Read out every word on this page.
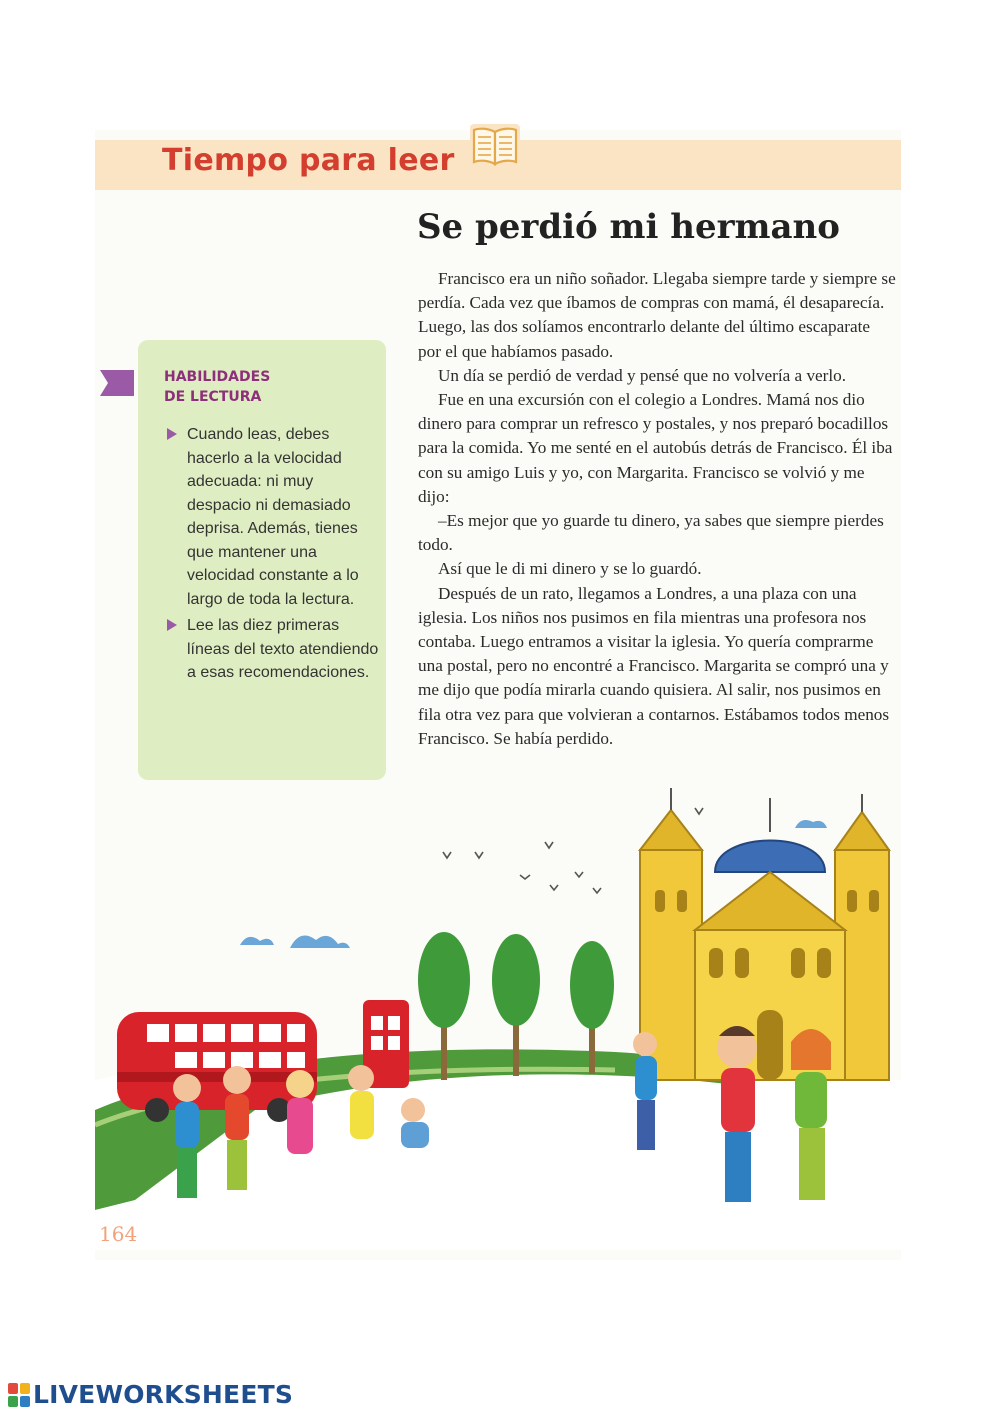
Tiempo para leer
Se perdió mi hermano

Francisco era un niño soñador. Llegaba siempre tarde y siempre se perdía. Cada vez que íbamos de compras con mamá, él desaparecía. Luego, las dos solíamos encontrarlo delante del último escaparate por el que habíamos pasado.

Un día se perdió de verdad y pensé que no volvería a verlo.

Fue en una excursión con el colegio a Londres. Mamá nos dio dinero para comprar un refresco y postales, y nos preparó bocadillos para la comida. Yo me senté en el autobús detrás de Francisco. Él iba con su amigo Luis y yo, con Margarita. Francisco se volvió y me dijo:

–Es mejor que yo guarde tu dinero, ya sabes que siempre pierdes todo.

Así que le di mi dinero y se lo guardó.

Después de un rato, llegamos a Londres, a una plaza con una iglesia. Los niños nos pusimos en fila mientras una profesora nos contaba. Luego entramos a visitar la iglesia. Yo quería comprarme una postal, pero no encontré a Francisco. Margarita se compró una y me dijo que podía mirarla cuando quisiera. Al salir, nos pusimos en fila otra vez para que volvieran a contarnos. Estábamos todos menos Francisco. Se había perdido.

HABILIDADES
DE LECTURA
Cuando leas, debes hacerlo a la velocidad adecuada: ni muy despacio ni demasiado deprisa. Además, tienes que mantener una velocidad constante a lo largo de toda la lectura.
Lee las diez primeras líneas del texto atendiendo a esas recomendaciones.
164
LIVEWORKSHEETS
